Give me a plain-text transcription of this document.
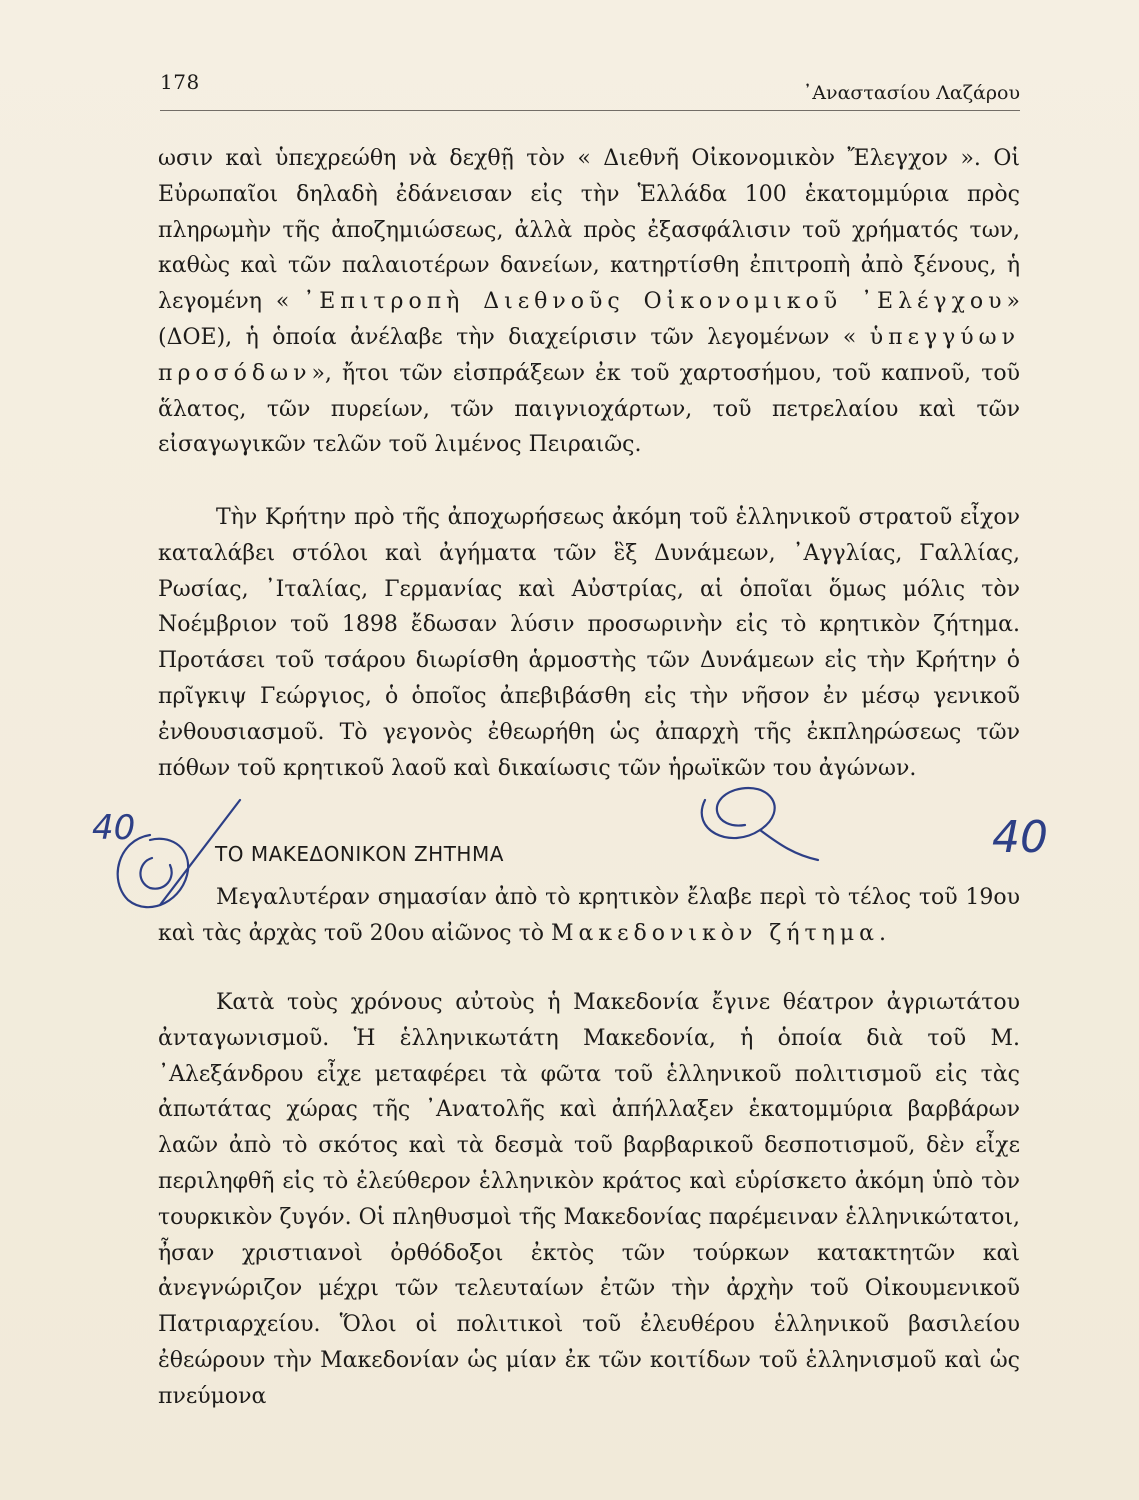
178	᾽Αναστασίου Λαζάρου
ωσιν καὶ ὑπεχρεώθη νὰ δεχθῇ τὸν « Διεθνῆ Οἰκονομικὸν Ἔλεγχον ». Οἱ Εὐρωπαῖοι δηλαδὴ ἐδάνεισαν εἰς τὴν Ἑλλάδα 100 ἑκατομμύρια πρὸς πληρωμὴν τῆς ἀποζημιώσεως, ἀλλὰ πρὸς ἐξασφάλισιν τοῦ χρήματός των, καθὼς καὶ τῶν παλαιοτέρων δανείων, κατηρτίσθη ἐπιτροπὴ ἀπὸ ξένους, ἡ λεγομένη « ᾽Επιτροπὴ Διεθνοῦς Οἰκονομικοῦ ᾽Ελέγχου» (ΔΟΕ), ἡ ὁποία ἀνέλαβε τὴν διαχείρισιν τῶν λεγομένων « ὑπεγγύων προσόδων», ἤτοι τῶν εἰσπράξεων ἐκ τοῦ χαρτοσήμου, τοῦ καπνοῦ, τοῦ ἅλατος, τῶν πυρείων, τῶν παιγνιοχάρτων, τοῦ πετρελαίου καὶ τῶν εἰσαγωγικῶν τελῶν τοῦ λιμένος Πειραιῶς.
Τὴν Κρήτην πρὸ τῆς ἀποχωρήσεως ἀκόμη τοῦ ἑλληνικοῦ στρατοῦ εἶχον καταλάβει στόλοι καὶ ἀγήματα τῶν ἓξ Δυνάμεων, ᾽Αγγλίας, Γαλλίας, Ρωσίας, ᾽Ιταλίας, Γερμανίας καὶ Αὐστρίας, αἱ ὁποῖαι ὅμως μόλις τὸν Νοέμβριον τοῦ 1898 ἔδωσαν λύσιν προσωρινὴν εἰς τὸ κρητικὸν ζήτημα. Προτάσει τοῦ τσάρου διωρίσθη ἁρμοστὴς τῶν Δυνάμεων εἰς τὴν Κρήτην ὁ πρῖγκιψ Γεώργιος, ὁ ὁποῖος ἀπεβιβάσθη εἰς τὴν νῆσον ἐν μέσῳ γενικοῦ ἐνθουσιασμοῦ. Τὸ γεγονὸς ἐθεωρήθη ὡς ἀπαρχὴ τῆς ἐκπληρώσεως τῶν πόθων τοῦ κρητικοῦ λαοῦ καὶ δικαίωσις τῶν ἡρωϊκῶν του ἀγώνων.
ΤΟ ΜΑΚΕΔΟΝΙΚΟΝ ΖΗΤΗΜΑ
Μεγαλυτέραν σημασίαν ἀπὸ τὸ κρητικὸν ἔλαβε περὶ τὸ τέλος τοῦ 19ου καὶ τὰς ἀρχὰς τοῦ 20ου αἰῶνος τὸ Μακεδονικὸν ζήτημα.
Κατὰ τοὺς χρόνους αὐτοὺς ἡ Μακεδονία ἔγινε θέατρον ἀγριωτάτου ἀνταγωνισμοῦ. Ἡ ἑλληνικωτάτη Μακεδονία, ἡ ὁποία διὰ τοῦ Μ. ᾽Αλεξάνδρου εἶχε μεταφέρει τὰ φῶτα τοῦ ἑλληνικοῦ πολιτισμοῦ εἰς τὰς ἀπωτάτας χώρας τῆς ᾽Ανατολῆς καὶ ἀπήλλαξεν ἑκατομμύρια βαρβάρων λαῶν ἀπὸ τὸ σκότος καὶ τὰ δεσμὰ τοῦ βαρβαρικοῦ δεσποτισμοῦ, δὲν εἶχε περιληφθῆ εἰς τὸ ἐλεύθερον ἑλληνικὸν κράτος καὶ εὑρίσκετο ἀκόμη ὑπὸ τὸν τουρκικὸν ζυγόν. Οἱ πληθυσμοὶ τῆς Μακεδονίας παρέμειναν ἑλληνικώτατοι, ἦσαν χριστιανοὶ ὀρθόδοξοι ἐκτὸς τῶν τούρκων κατακτητῶν καὶ ἀνεγνώριζον μέχρι τῶν τελευταίων ἐτῶν τὴν ἀρχὴν τοῦ Οἰκουμενικοῦ Πατριαρχείου. Ὅλοι οἱ πολιτικοὶ τοῦ ἐλευθέρου ἑλληνικοῦ βασιλείου ἐθεώρουν τὴν Μακεδονίαν ὡς μίαν ἐκ τῶν κοιτίδων τοῦ ἑλληνισμοῦ καὶ ὡς πνεύμονα
40	40
